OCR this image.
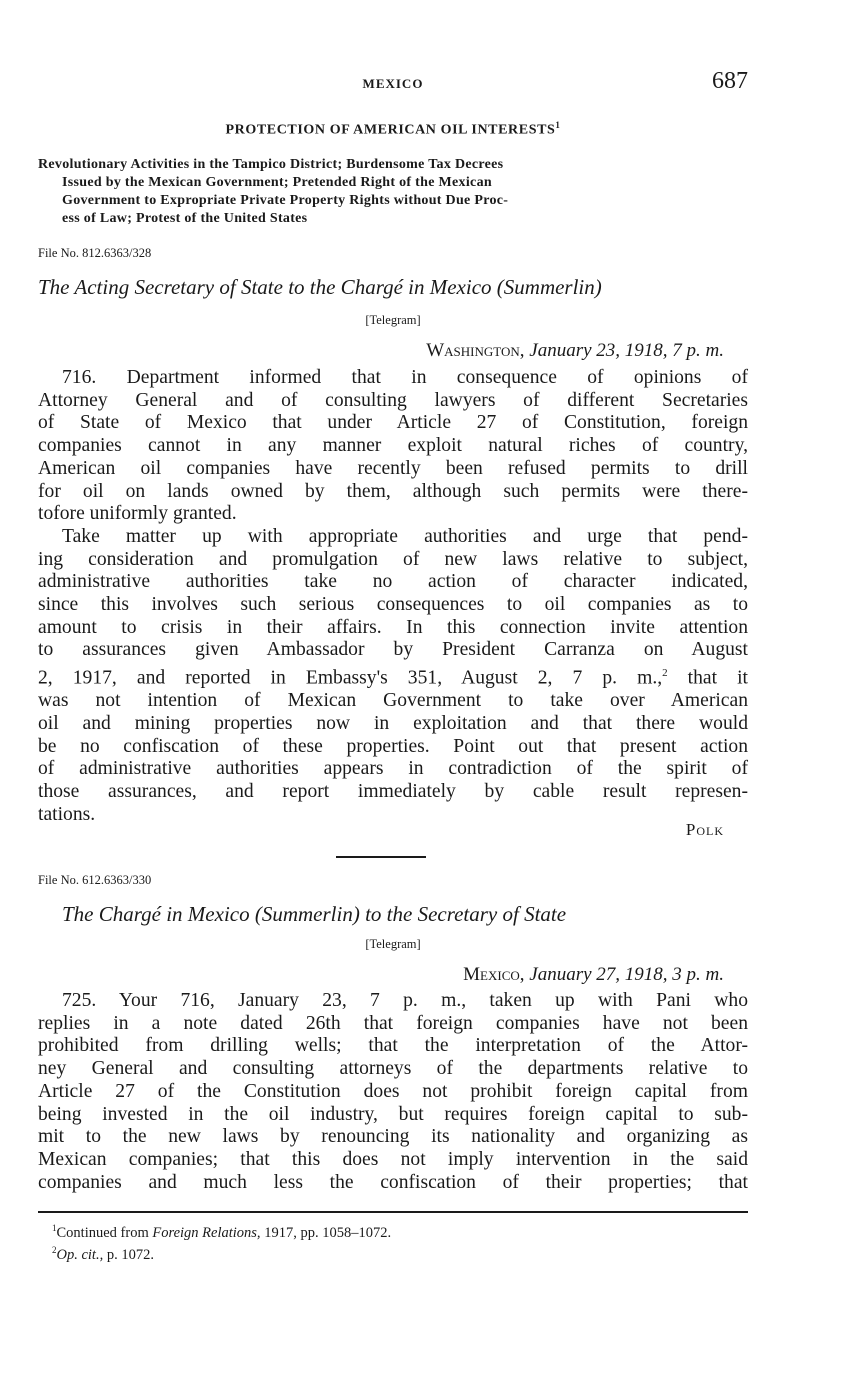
MEXICO	687
PROTECTION OF AMERICAN OIL INTERESTS$^1$
Revolutionary Activities in the Tampico District; Burdensome Tax Decrees
Issued by the Mexican Government; Pretended Right of the Mexican
Government to Expropriate Private Property Rights without Due Proc-
ess of Law; Protest of the United States
File No. 812.6363/328
The Acting Secretary of State to the Chargé in Mexico (Summerlin)
[Telegram]
Washington, January 23, 1918, 7 p. m.
716. Department informed that in consequence of opinions of
Attorney General and of consulting lawyers of different Secretaries
of State of Mexico that under Article 27 of Constitution, foreign
companies cannot in any manner exploit natural riches of country,
American oil companies have recently been refused permits to drill
for oil on lands owned by them, although such permits were there-
tofore uniformly granted.
Take matter up with appropriate authorities and urge that pend-
ing consideration and promulgation of new laws relative to subject,
administrative authorities take no action of character indicated,
since this involves such serious consequences to oil companies as to
amount to crisis in their affairs. In this connection invite attention
to assurances given Ambassador by President Carranza on August
2, 1917, and reported in Embassy's 351, August 2, 7 p. m.,$^2$ that it
was not intention of Mexican Government to take over American
oil and mining properties now in exploitation and that there would
be no confiscation of these properties. Point out that present action
of administrative authorities appears in contradiction of the spirit of
those assurances, and report immediately by cable result represen-
tations.
Polk
File No. 612.6363/330
The Chargé in Mexico (Summerlin) to the Secretary of State
[Telegram]
Mexico, January 27, 1918, 3 p. m.
725. Your 716, January 23, 7 p. m., taken up with Pani who
replies in a note dated 26th that foreign companies have not been
prohibited from drilling wells; that the interpretation of the Attor-
ney General and consulting attorneys of the departments relative to
Article 27 of the Constitution does not prohibit foreign capital from
being invested in the oil industry, but requires foreign capital to sub-
mit to the new laws by renouncing its nationality and organizing as
Mexican companies; that this does not imply intervention in the said
companies and much less the confiscation of their properties; that
$^1$Continued from Foreign Relations, 1917, pp. 1058–1072.
$^2$Op. cit., p. 1072.
